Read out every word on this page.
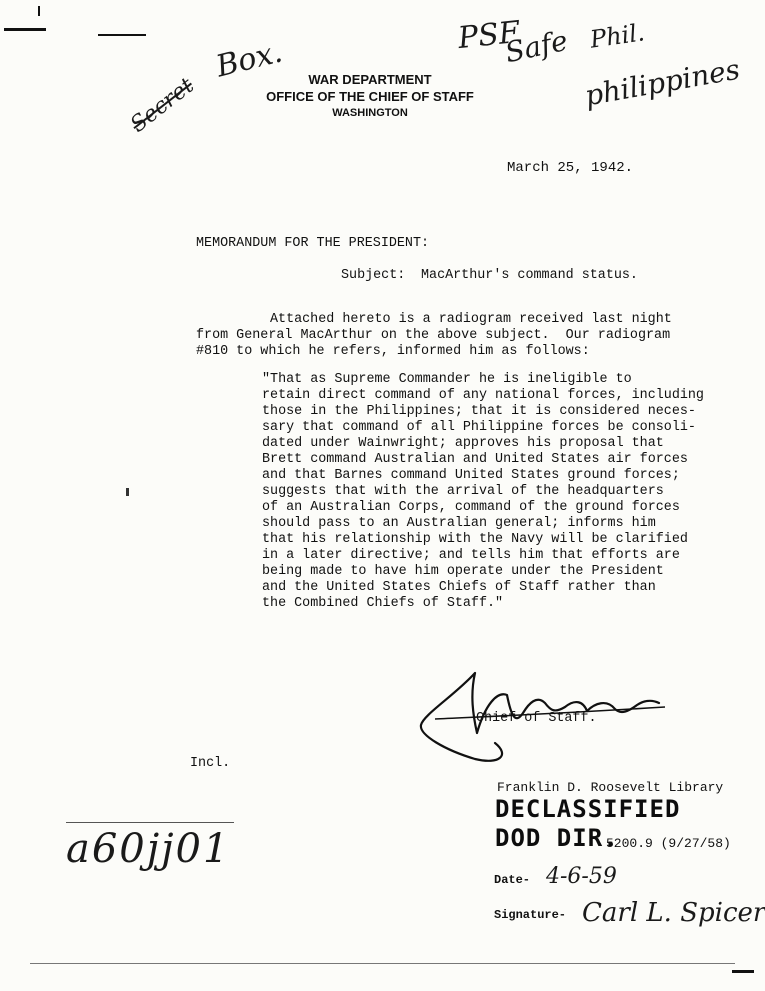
Secret
Box.	PSF
Safe Phil.
philippines
WAR DEPARTMENT
OFFICE OF THE CHIEF OF STAFF
WASHINGTON
March 25, 1942.
MEMORANDUM FOR THE PRESIDENT:
Subject: MacArthur's command status.
Attached hereto is a radiogram received last night
from General MacArthur on the above subject.  Our radiogram
#810 to which he refers, informed him as follows:
"That as Supreme Commander he is ineligible to
retain direct command of any national forces, including
those in the Philippines; that it is considered neces-
sary that command of all Philippine forces be consoli-
dated under Wainwright; approves his proposal that
Brett command Australian and United States air forces
and that Barnes command United States ground forces;
suggests that with the arrival of the headquarters
of an Australian Corps, command of the ground forces
should pass to an Australian general; informs him
that his relationship with the Navy will be clarified
in a later directive; and tells him that efforts are
being made to have him operate under the President
and the United States Chiefs of Staff rather than
the Combined Chiefs of Staff."
Chief of Staff.
Incl.
a60jj01
Franklin D. Roosevelt Library
DECLASSIFIED
DOD DIR.
5200.9 (9/27/58)
Date- 4-6-59
Signature- Carl L. Spicer
